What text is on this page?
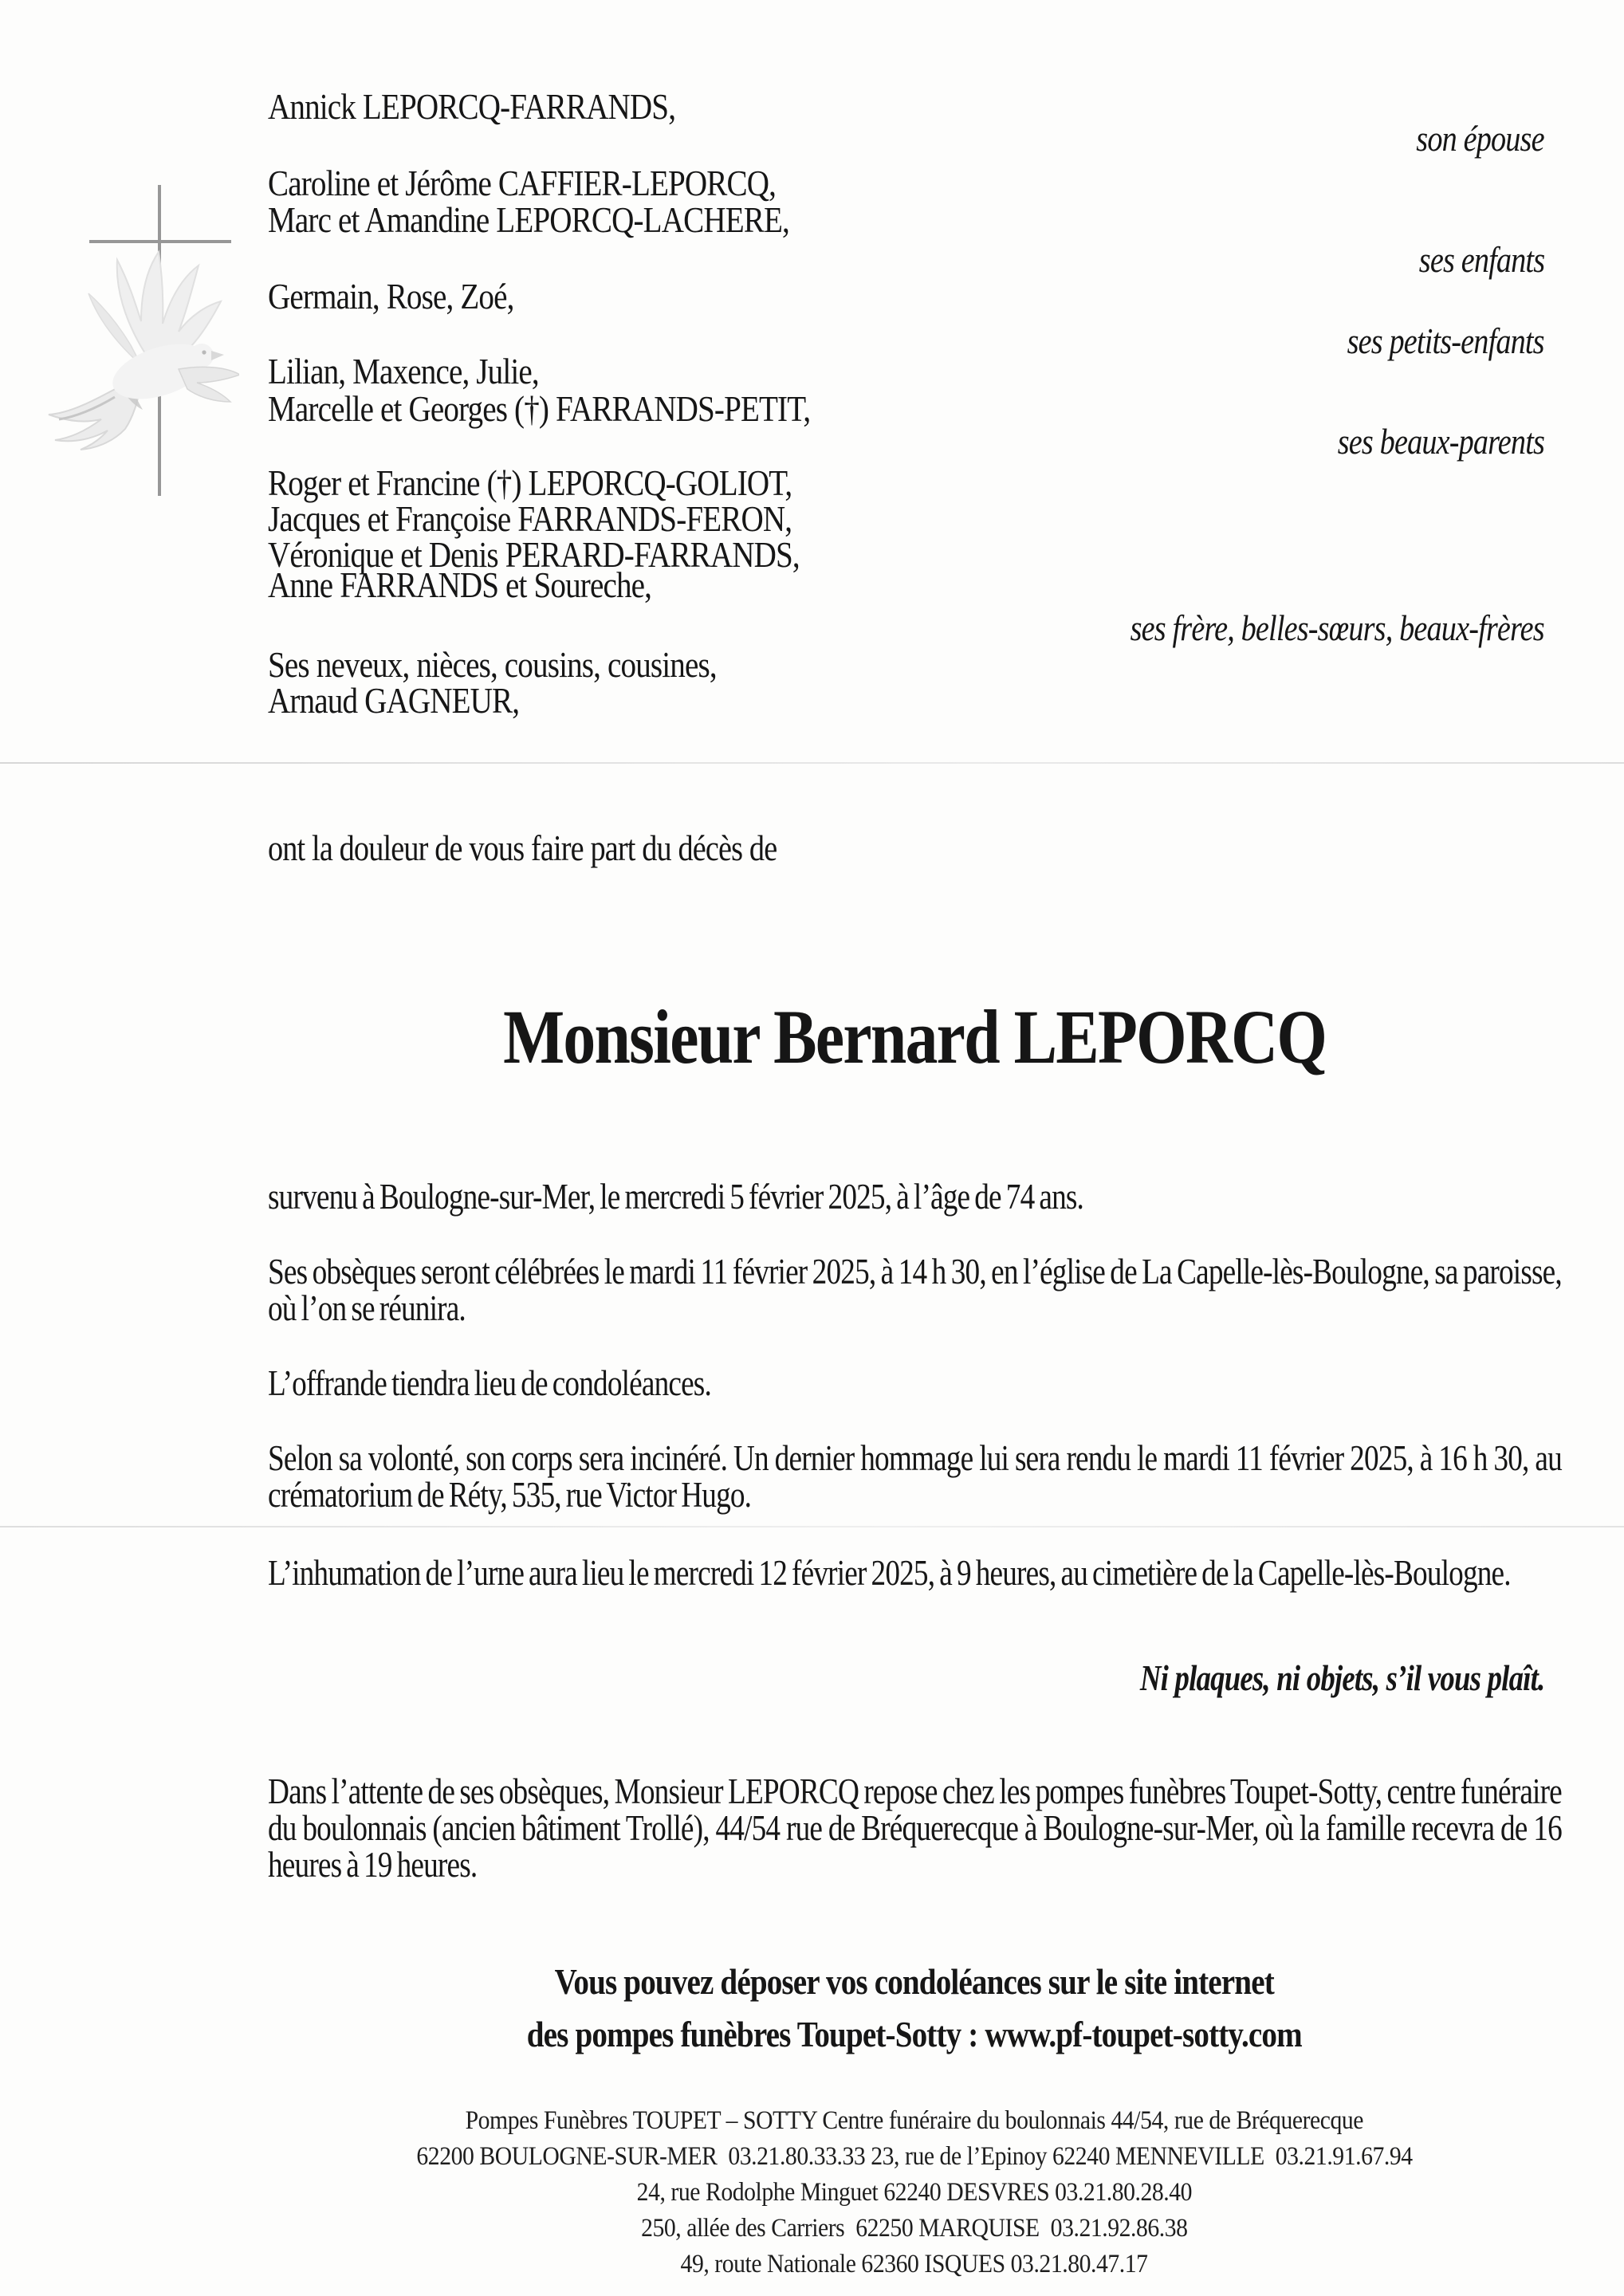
Annick LEPORCQ-FARRANDS,
Caroline et Jérôme CAFFIER-LEPORCQ,
Marc et Amandine LEPORCQ-LACHERE,
Germain, Rose, Zoé,
Lilian, Maxence, Julie,
Marcelle et Georges (†) FARRANDS-PETIT,
Roger et Francine (†) LEPORCQ-GOLIOT,
Jacques et Françoise FARRANDS-FERON,
Véronique et Denis PERARD-FARRANDS,
Anne FARRANDS et Soureche,
Ses neveux, nièces, cousins, cousines,
Arnaud GAGNEUR,
son épouse
ses enfants
ses petits-enfants
ses beaux-parents
ses frère, belles-sœurs, beaux-frères
ont la douleur de vous faire part du décès de
Monsieur Bernard LEPORCQ
survenu à Boulogne-sur-Mer, le mercredi 5 février 2025, à l’âge de 74 ans.
Ses obsèques seront célébrées le mardi 11 février 2025, à 14 h 30, en l’église de La Capelle-lès-Boulogne, sa paroisse, où l’on se réunira.
L’offrande tiendra lieu de condoléances.
Selon sa volonté, son corps sera incinéré. Un dernier hommage lui sera rendu le mardi 11 février 2025, à 16 h 30, au crématorium de Réty, 535, rue Victor Hugo.
L’inhumation de l’urne aura lieu le mercredi 12 février 2025, à 9 heures, au cimetière de la Capelle-lès-Boulogne.
Ni plaques, ni objets, s’il vous plaît.
Dans l’attente de ses obsèques, Monsieur LEPORCQ repose chez les pompes funèbres Toupet-Sotty, centre funéraire du boulonnais (ancien bâtiment Trollé), 44/54 rue de Bréquerecque à Boulogne-sur-Mer, où la famille recevra de 16 heures à 19 heures.
Vous pouvez déposer vos condoléances sur le site internet
des pompes funèbres Toupet-Sotty : www.pf-toupet-sotty.com
Pompes Funèbres TOUPET – SOTTY Centre funéraire du boulonnais 44/54, rue de Bréquerecque
62200 BOULOGNE-SUR-MER  03.21.80.33.33 23, rue de l’Epinoy 62240 MENNEVILLE  03.21.91.67.94
24, rue Rodolphe Minguet 62240 DESVRES 03.21.80.28.40
250, allée des Carriers  62250 MARQUISE  03.21.92.86.38
49, route Nationale 62360 ISQUES 03.21.80.47.17
